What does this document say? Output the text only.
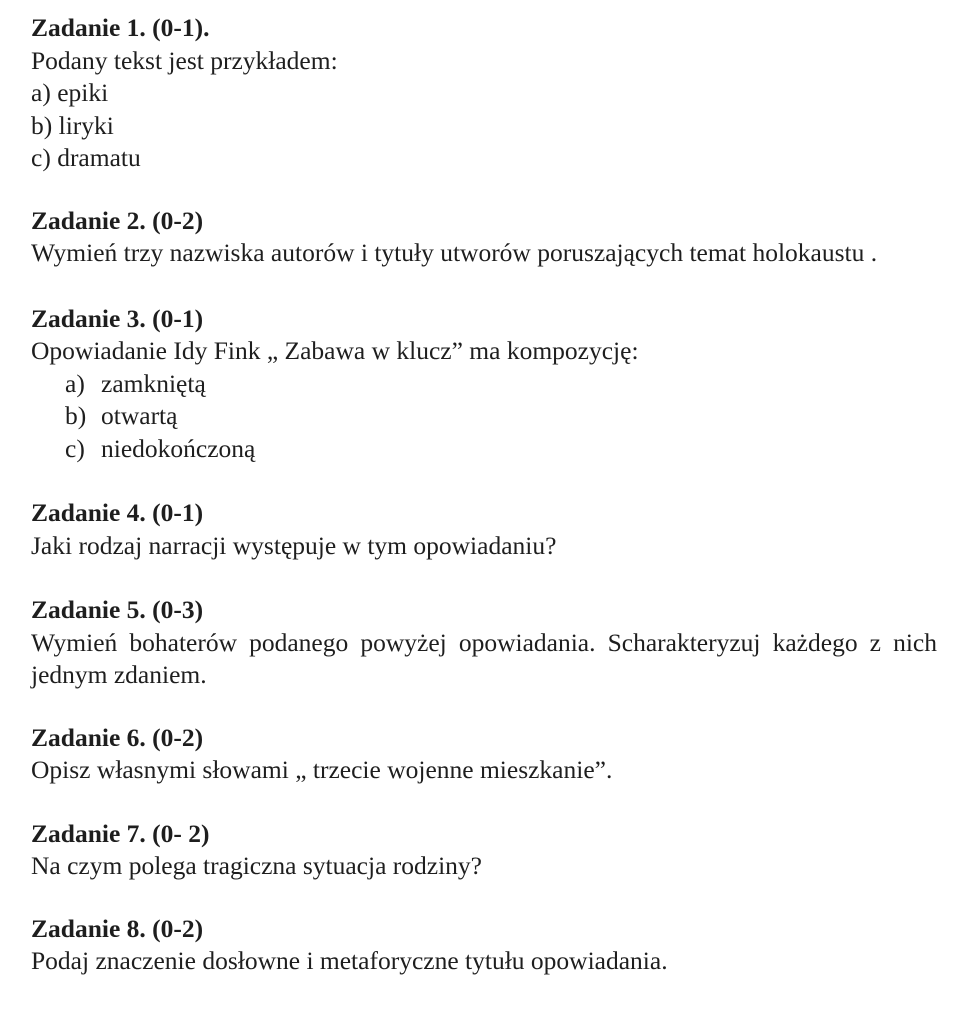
Zadanie 1. (0-1).
Podany tekst jest przykładem:
a) epiki
b) liryki
c) dramatu
Zadanie 2. (0-2)
Wymień trzy nazwiska autorów i tytuły utworów poruszających temat holokaustu .
Zadanie 3. (0-1)
Opowiadanie Idy Fink „ Zabawa w klucz” ma kompozycję:
a) zamkniętą
b) otwartą
c) niedokończoną
Zadanie 4. (0-1)
Jaki rodzaj narracji występuje w tym opowiadaniu?
Zadanie 5. (0-3)
Wymień bohaterów podanego powyżej opowiadania. Scharakteryzuj każdego z nich jednym zdaniem.
Zadanie 6. (0-2)
Opisz własnymi słowami „ trzecie wojenne mieszkanie”.
Zadanie 7. (0- 2)
Na czym polega tragiczna sytuacja rodziny?
Zadanie 8. (0-2)
Podaj znaczenie dosłowne i metaforyczne tytułu opowiadania.
